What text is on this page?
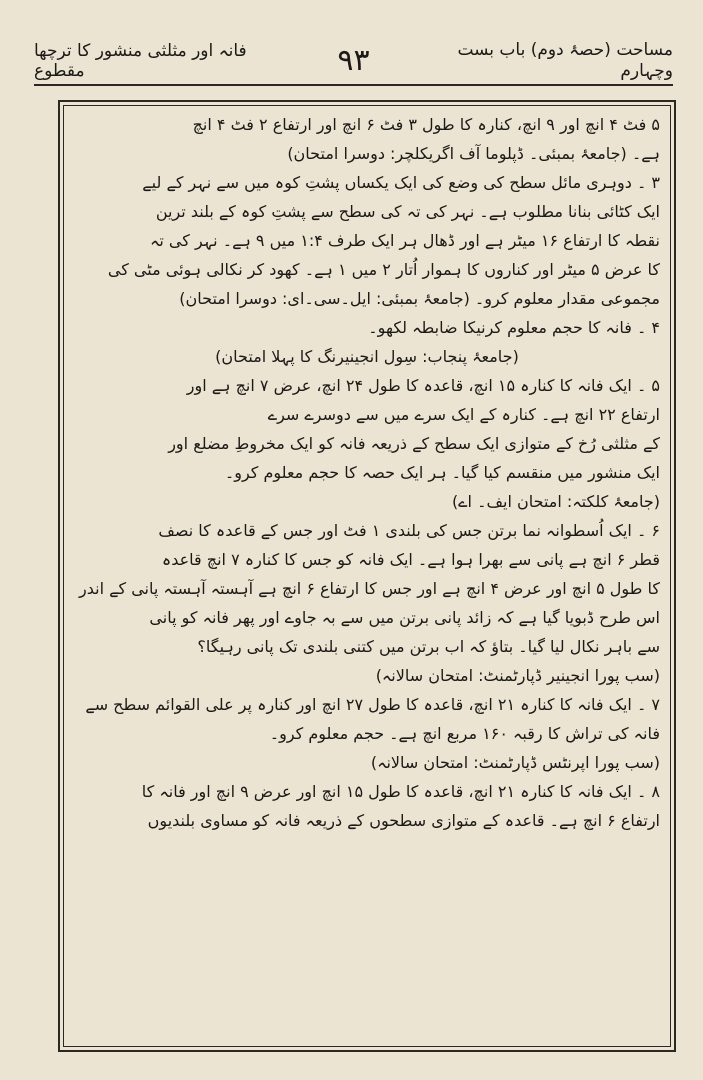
مساحت (حصۂ دوم) باب بست وچہارم
۹۳
فانہ اور مثلثی منشور کا ترچھا مقطوع
۵ فٹ ۴ انچ اور ۹ انچ، کنارہ کا طول ۳ فٹ ۶ انچ اور ارتفاع ۲ فٹ ۴ انچ
ہے۔ (جامعۂ بمبئی۔ ڈپلوما آف اگریکلچر: دوسرا امتحان)
۳ ۔ دوہری مائل سطح کی وضع کی ایک یکساں پشتِ کوہ میں سے نہر کے لیے
ایک کٹائی بنانا مطلوب ہے۔ نہر کی تہ کی سطح سے پشتِ کوہ کے بلند ترین
نقطہ کا ارتفاع ۱۶ میٹر ہے اور ڈھال ہر ایک طرف ۱:۴ میں ۹ ہے۔ نہر کی تہ
کا عرض ۵ میٹر اور کناروں کا ہموار اُتار ۲ میں ۱ ہے۔ کھود کر نکالی ہوئی مٹی کی
مجموعی مقدار معلوم کرو۔ (جامعۂ بمبئی: ایل۔سی۔ای: دوسرا امتحان)
۴ ۔ فانہ کا حجم معلوم کرنیکا ضابطہ لکھو۔
(جامعۂ پنجاب: سِول انجینیرنگ کا پہلا امتحان)
۵ ۔ ایک فانہ کا کنارہ ۱۵ انچ، قاعدہ کا طول ۲۴ انچ، عرض ۷ انچ ہے اور
ارتفاع ۲۲ انچ ہے۔ کنارہ کے ایک سرے میں سے دوسرے سرے
کے مثلثی رُخ کے متوازی ایک سطح کے ذریعہ فانہ کو ایک مخروطِ مضلع اور
ایک منشور میں منقسم کیا گیا۔ ہر ایک حصہ کا حجم معلوم کرو۔
(جامعۂ کلکتہ: امتحان ایف۔ اے)
۶ ۔ ایک اُسطوانہ نما برتن جس کی بلندی ۱ فٹ اور جس کے قاعدہ کا نصف
قطر ۶ انچ ہے پانی سے بھرا ہوا ہے۔ ایک فانہ کو جس کا کنارہ ۷ انچ قاعدہ
کا طول ۵ انچ اور عرض ۴ انچ ہے اور جس کا ارتفاع ۶ انچ ہے آہستہ آہستہ پانی کے اندر
اس طرح ڈبویا گیا ہے کہ زائد پانی برتن میں سے بہ جاوے اور پھر فانہ کو پانی
سے باہر نکال لیا گیا۔ بتاؤ کہ اب برتن میں کتنی بلندی تک پانی رہیگا؟
(سب پورا انجینیر ڈپارٹمنٹ: امتحان سالانہ)
۷ ۔ ایک فانہ کا کنارہ ۲۱ انچ، قاعدہ کا طول ۲۷ انچ اور کنارہ پر علی القوائم سطح سے
فانہ کی تراش کا رقبہ ۱۶۰ مربع انچ ہے۔ حجم معلوم کرو۔
(سب پورا اپرنٹس ڈپارٹمنٹ: امتحان سالانہ)
۸ ۔ ایک فانہ کا کنارہ ۲۱ انچ، قاعدہ کا طول ۱۵ انچ اور عرض ۹ انچ اور فانہ کا
ارتفاع ۶ انچ ہے۔ قاعدہ کے متوازی سطحوں کے ذریعہ فانہ کو مساوی بلندیوں
